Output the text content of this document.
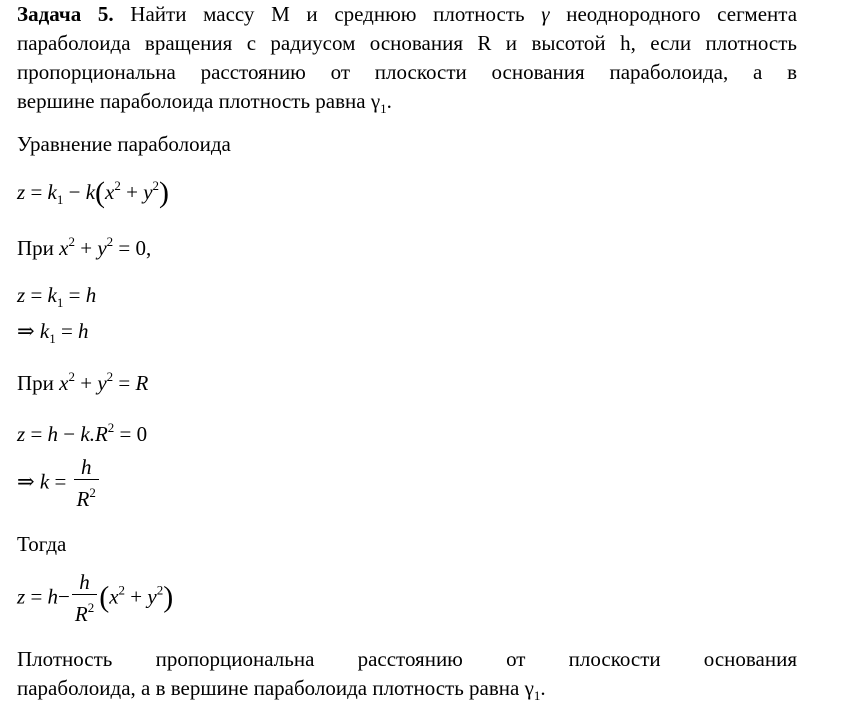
Задача 5. Найти массу M и среднюю плотность γ неоднородного сегмента
параболоида вращения с радиусом основания R и высотой h, если плотность
пропорциональна расстоянию от плоскости основания параболоида, а в
вершине параболоида плотность равна $\gamma_1$.
Уравнение параболоида
$z = k_1 - k(x^2 + y^2)$
При $x^2 + y^2 = 0$,
$z = k_1 = h$
⇒ $k_1 = h$
При $x^2 + y^2 = R$
$z = h - k.R^2 = 0$
⇒ $k = \frac{h}{R^2}$
Тогда
$z = h- \frac{h}{R^2} (x^2 + y^2)$
Плотность пропорциональна расстоянию от плоскости основания
параболоида, а в вершине параболоида плотность равна $\gamma_1$.
